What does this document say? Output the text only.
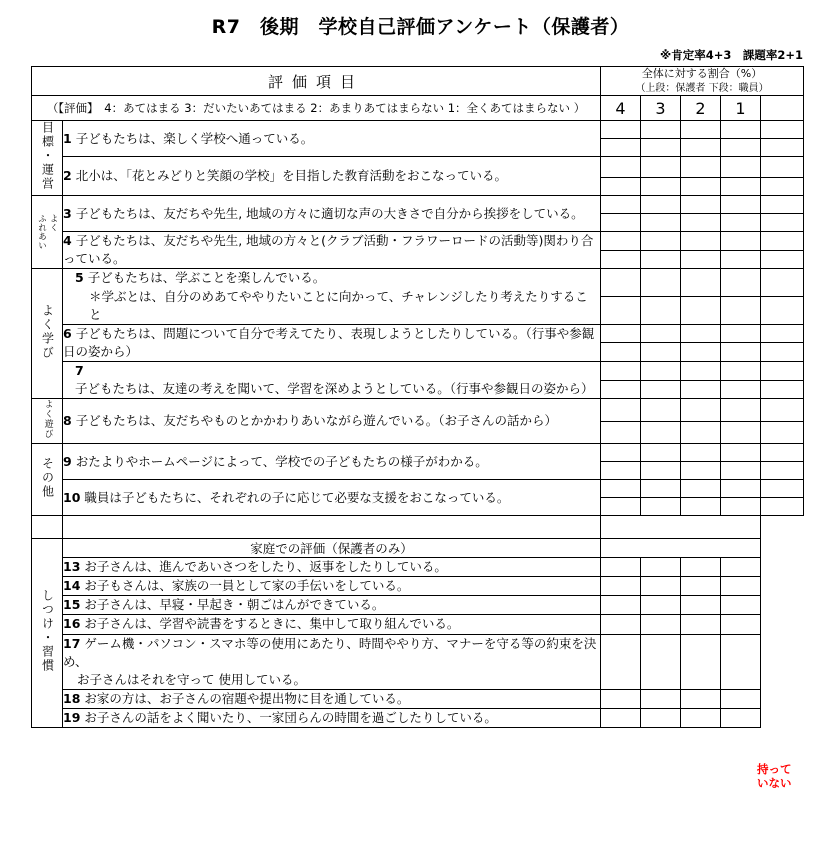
R7　後期　学校自己評価アンケート（保護者）
※肯定率4+3　課題率2+1
評価項目		全体に対する割合（%）
（上段：保護者 下段：職員）				

（【評価】　4：あてはまる 3：だいたいあてはまる 2：あまりあてはまらない 1：全くあてはまらない ）		4	3	2	1	
目標・運営	1 子どもたちは、楽しく学校へ通っている。					

	2 北小は、「花とみどりと笑顔の学校」を目指した教育活動をおこなっている。					

よく
ふれあい	3 子どもたちは、友だちや先生, 地域の方々に適切な声の大きさで自分から挨拶をしている。					

	4 子どもたちは、友だちや先生, 地域の方々と(クラブ活動・フラワーロードの活動等)関わり合っている。					

よく学び	5 子どもたちは、学ぶことを楽しんでいる。
＊学ぶとは、自分のめあてややりたいことに向かって、チャレンジしたり考えたりすること					

	6 子どもたちは、問題について自分で考えてたり、表現しようとしたりしている。（行事や参観日の姿から）					

	7子どもたちは、友達の考えを聞いて、学習を深めようとしている。（行事や参観日の姿から）					

よく遊び	8 子どもたちは、友だちやものとかかわりあいながら遊んでいる。（お子さんの話から）					

その他	9 おたよりやホームページによって、学校での子どもたちの様子がわかる。					

	10 職員は子どもたちに、それぞれの子に応じて必要な支援をおこなっている。					

しつけ・習慣	家庭での評価（保護者のみ）					
	13 お子さんは、進んであいさつをしたり、返事をしたりしている。					
	14 お子もさんは、家族の一員として家の手伝いをしている。					
	15 お子さんは、早寝・早起き・朝ごはんができている。					
	16 お子さんは、学習や読書をするときに、集中して取り組んでいる。					
	17 ゲーム機・パソコン・スマホ等の使用にあたり、時間ややり方、マナーを守る等の約束を決め、
お子さんはそれを守って 使用している。					

	18 お家の方は、お子さんの宿題や提出物に目を通している。					
	19 お子さんの話をよく聞いたり、一家団らんの時間を過ごしたりしている。					
持って
いない
